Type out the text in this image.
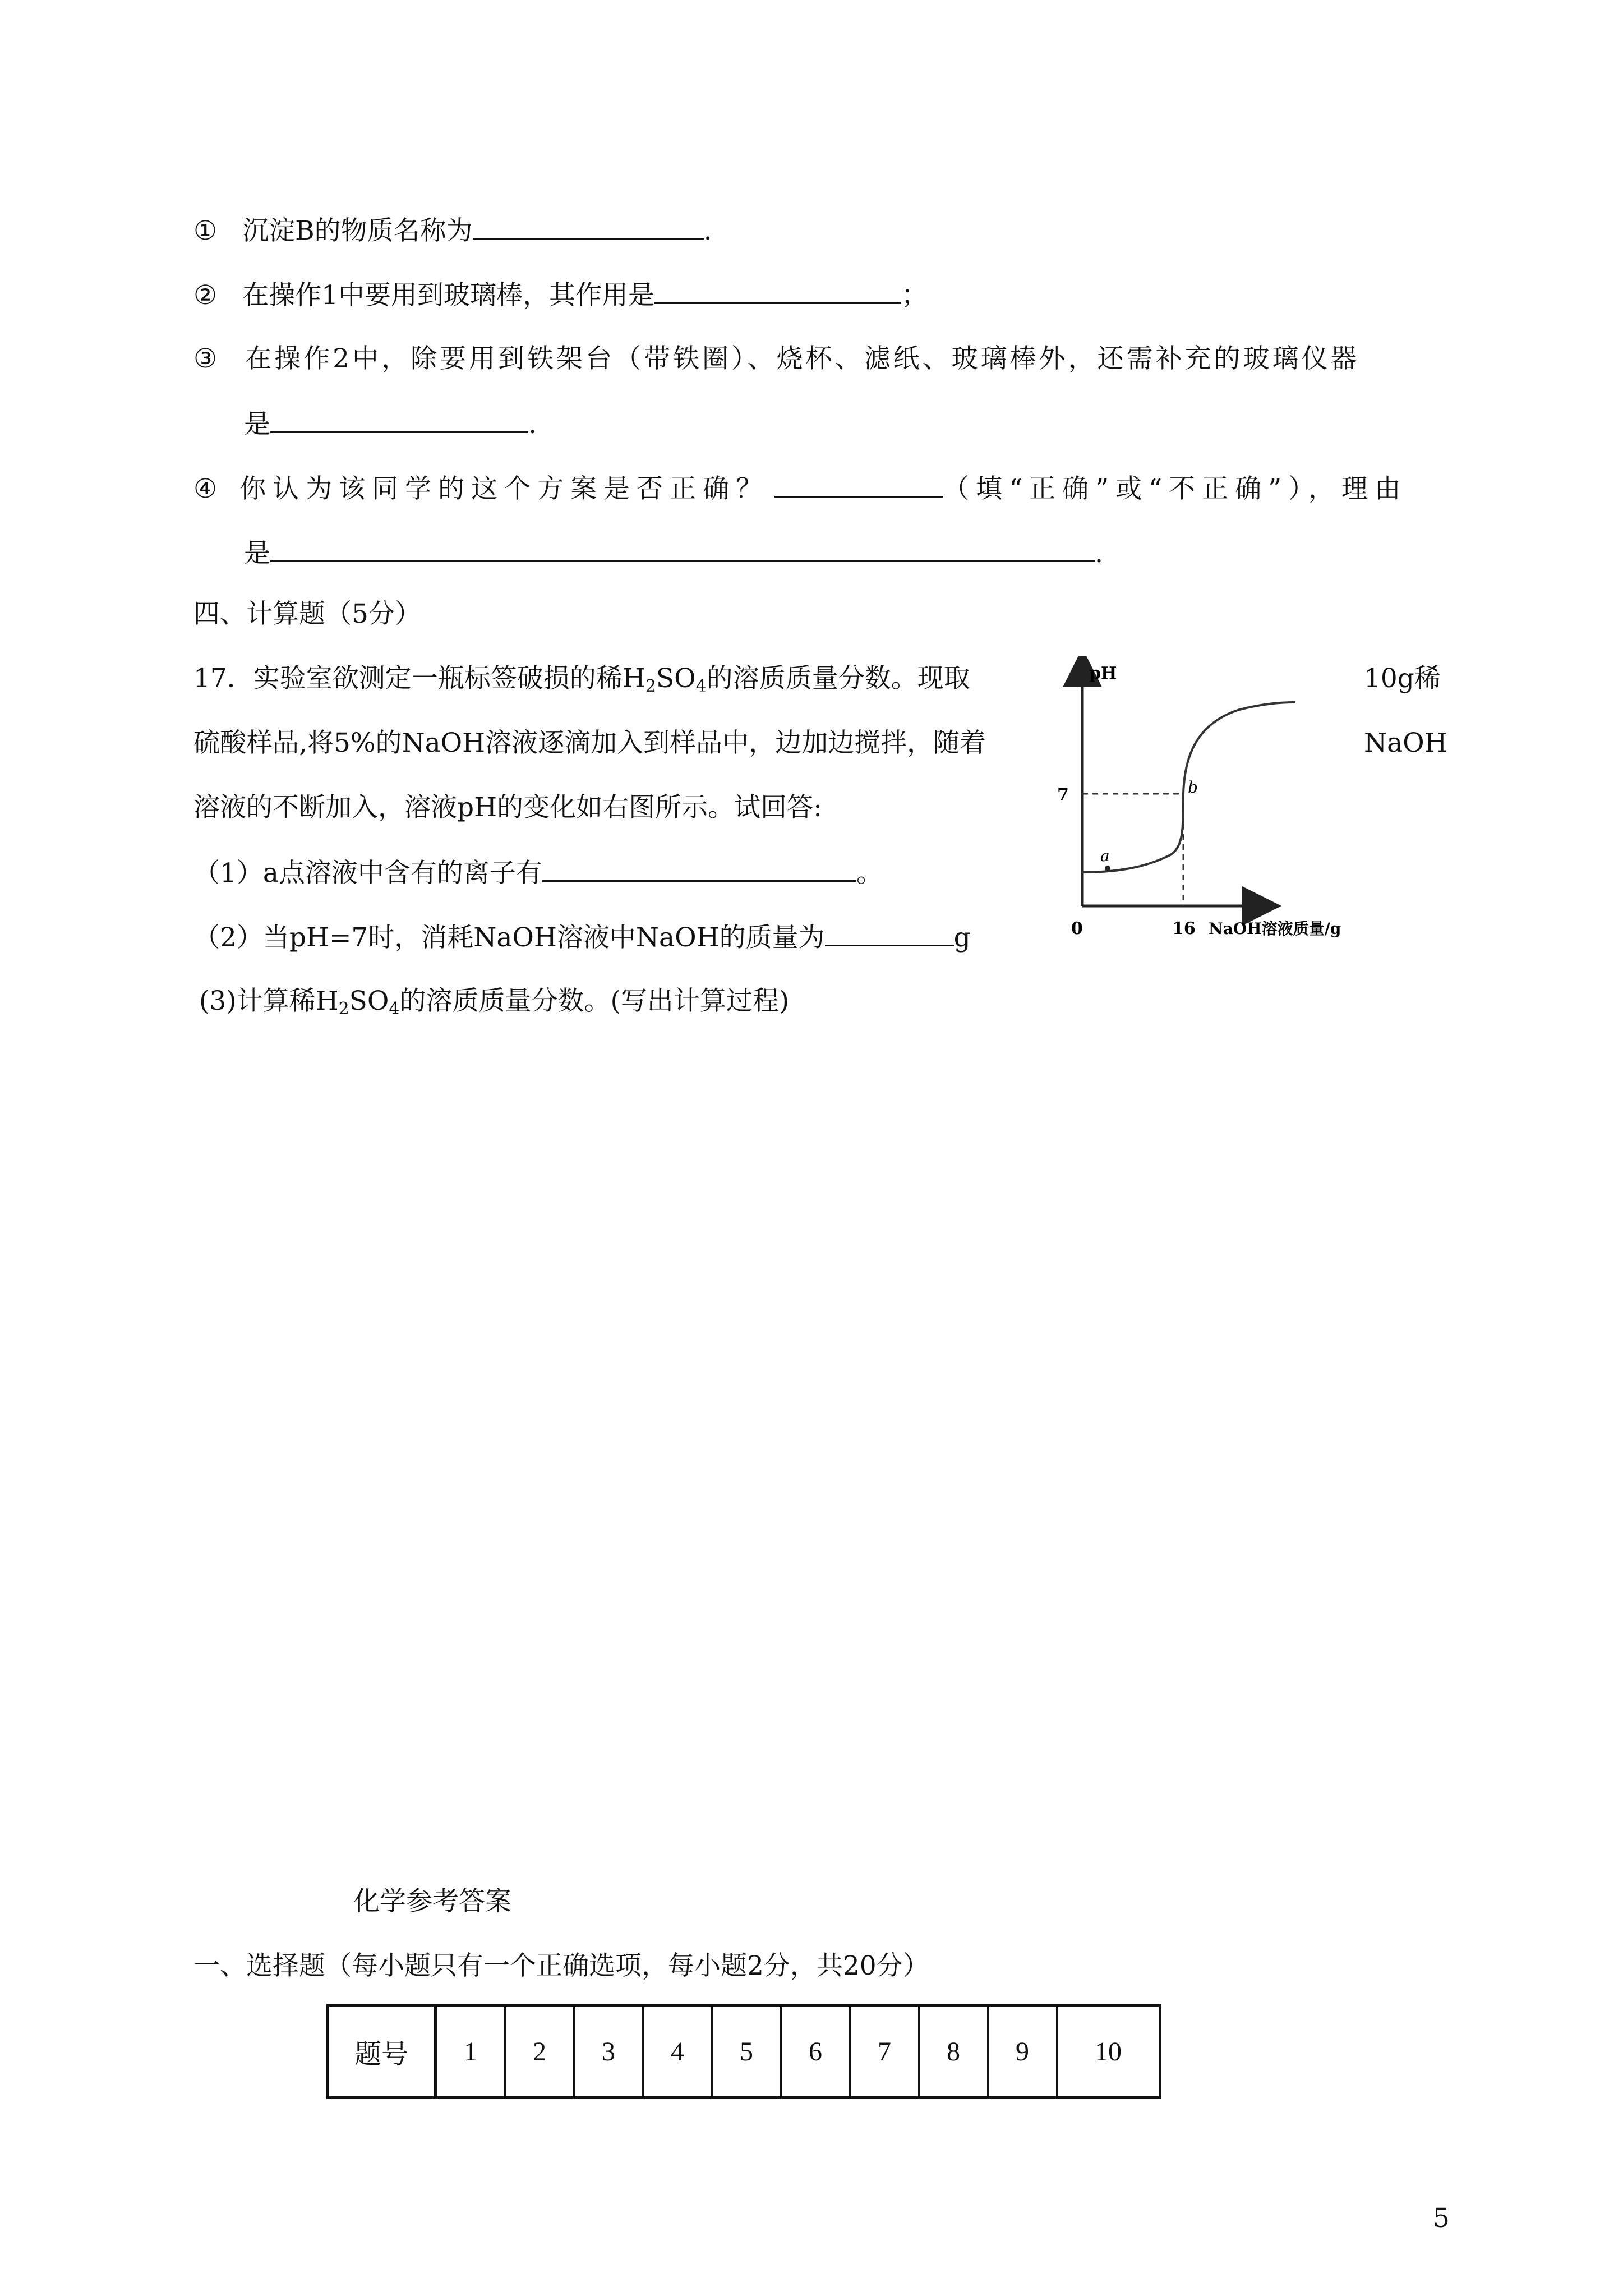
① 沉淀B的物质名称为	.
② 在操作1中要用到玻璃棒，其作用是	；
③ 在操作2中，除要用到铁架台（带铁圈）、烧杯、滤纸、玻璃棒外，还需补充的玻璃仪器
是	.
④ 你认为该同学的这个方案是否正确？	（填“正确”或“不正确”），理由
是	.
四、计算题（5分）
17．实验室欲测定一瓶标签破损的稀$H_2SO_4$的溶质质量分数。现取	10g稀
硫酸样品,将5%的NaOH溶液逐滴加入到样品中，边加边搅拌，随着	NaOH
溶液的不断加入，溶液pH的变化如右图所示。试回答:
（1）a点溶液中含有的离子有	。
（2）当pH=7时，消耗NaOH溶液中NaOH的质量为	g
(3)计算稀$H_2SO_4$的溶质质量分数。(写出计算过程)
a
b
pH
7
0	16 NaOH溶液质量/g
化学参考答案
一、选择题（每小题只有一个正确选项，每小题2分，共20分）
题号	1	2	3	4	5	6	7	8	9	10
5
